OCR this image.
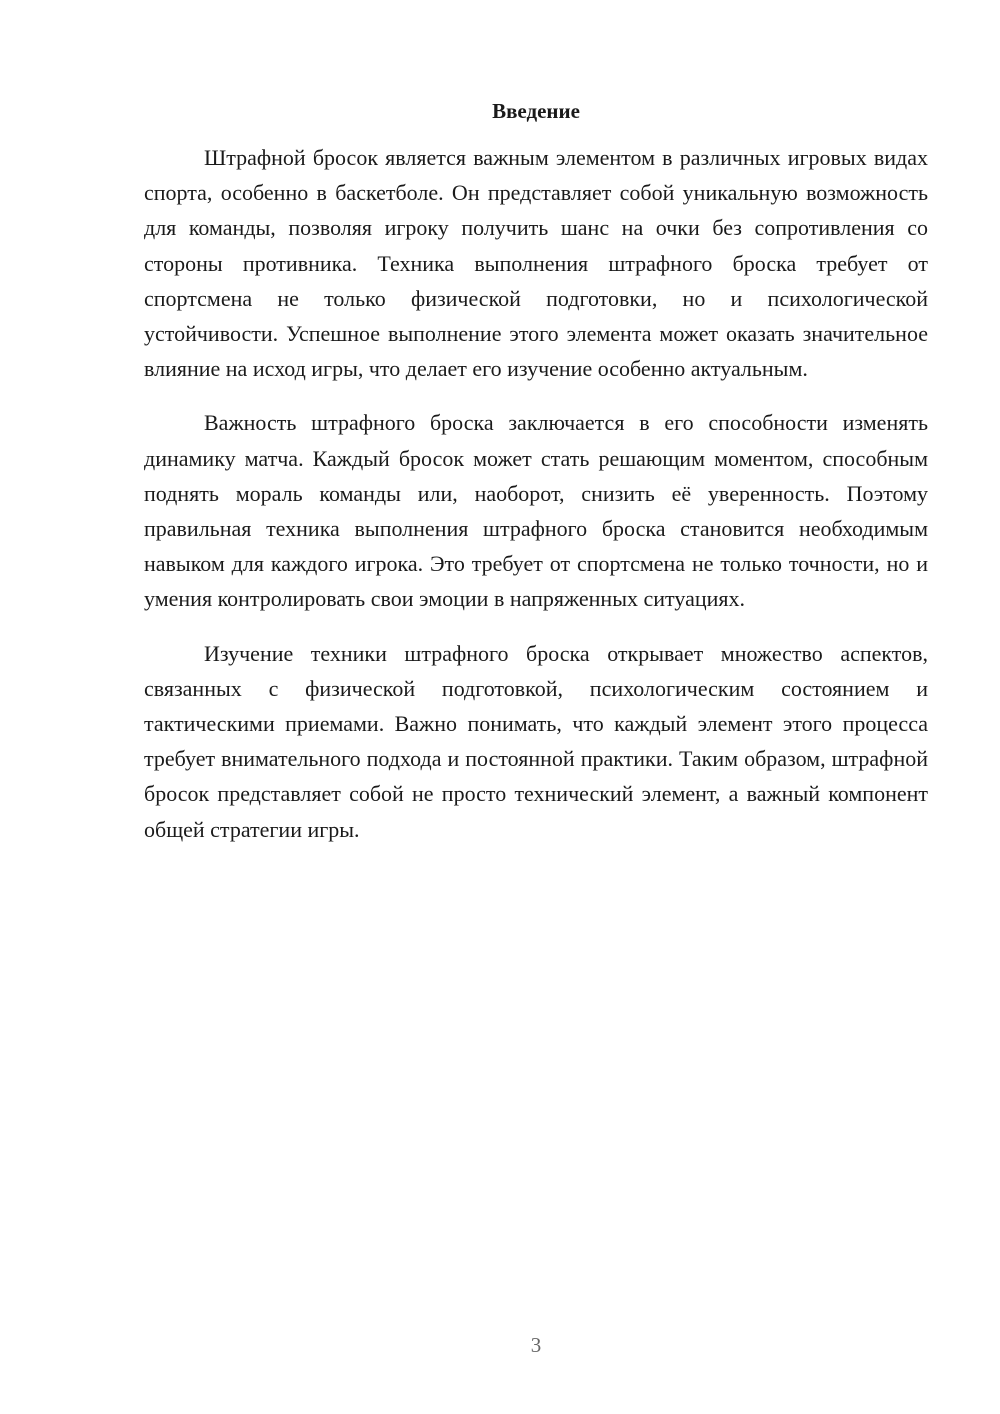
Введение

Штрафной бросок является важным элементом в различных игровых видах спорта, особенно в баскетболе. Он представляет собой уникальную возможность для команды, позволяя игроку получить шанс на очки без сопротивления со стороны противника. Техника выполнения штрафного броска требует от спортсмена не только физической подготовки, но и психологической устойчивости. Успешное выполнение этого элемента может оказать значительное влияние на исход игры, что делает его изучение особенно актуальным.

Важность штрафного броска заключается в его способности изменять динамику матча. Каждый бросок может стать решающим моментом, способным поднять мораль команды или, наоборот, снизить её уверенность. Поэтому правильная техника выполнения штрафного броска становится необходимым навыком для каждого игрока. Это требует от спортсмена не только точности, но и умения контролировать свои эмоции в напряженных ситуациях.

Изучение техники штрафного броска открывает множество аспектов, связанных с физической подготовкой, психологическим состоянием и тактическими приемами. Важно понимать, что каждый элемент этого процесса требует внимательного подхода и постоянной практики. Таким образом, штрафной бросок представляет собой не просто технический элемент, а важный компонент общей стратегии игры.

3
